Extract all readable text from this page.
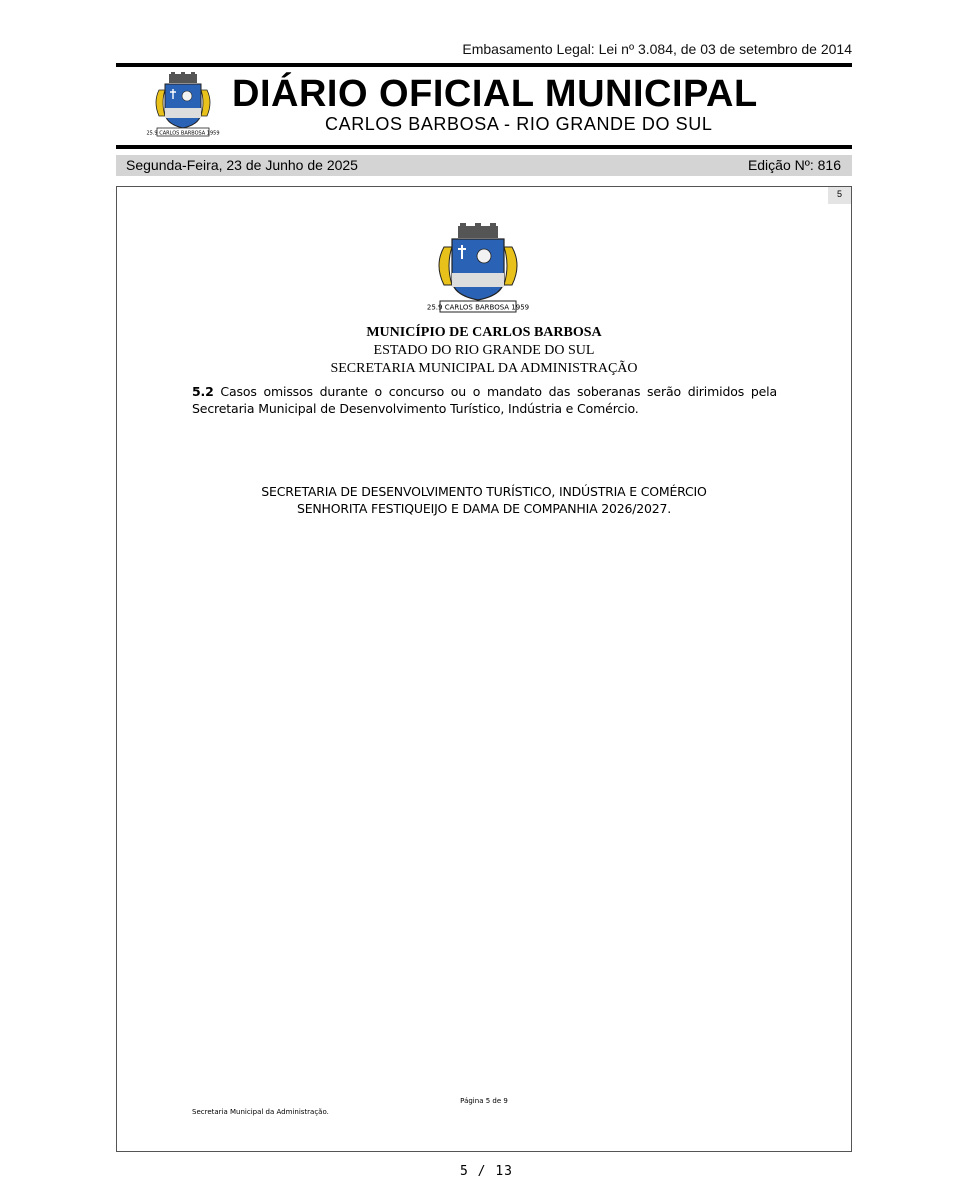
Embasamento Legal: Lei nº 3.084, de 03 de setembro de 2014
25.9 CARLOS BARBOSA 1959
DIÁRIO OFICIAL MUNICIPAL
CARLOS BARBOSA - RIO GRANDE DO SUL
Segunda-Feira, 23 de Junho de 2025	Edição Nº: 816
5
25.9 CARLOS BARBOSA 1959
MUNICÍPIO DE CARLOS BARBOSA
ESTADO DO RIO GRANDE DO SUL
SECRETARIA MUNICIPAL DA ADMINISTRAÇÃO
5.2 Casos omissos durante o concurso ou o mandato das soberanas serão dirimidos pela Secretaria Municipal de Desenvolvimento Turístico, Indústria e Comércio.
SECRETARIA DE DESENVOLVIMENTO TURÍSTICO, INDÚSTRIA E COMÉRCIO
SENHORITA FESTIQUEIJO E DAMA DE COMPANHIA 2026/2027.
Página 5 de 9
Secretaria Municipal da Administração.
5 / 13
